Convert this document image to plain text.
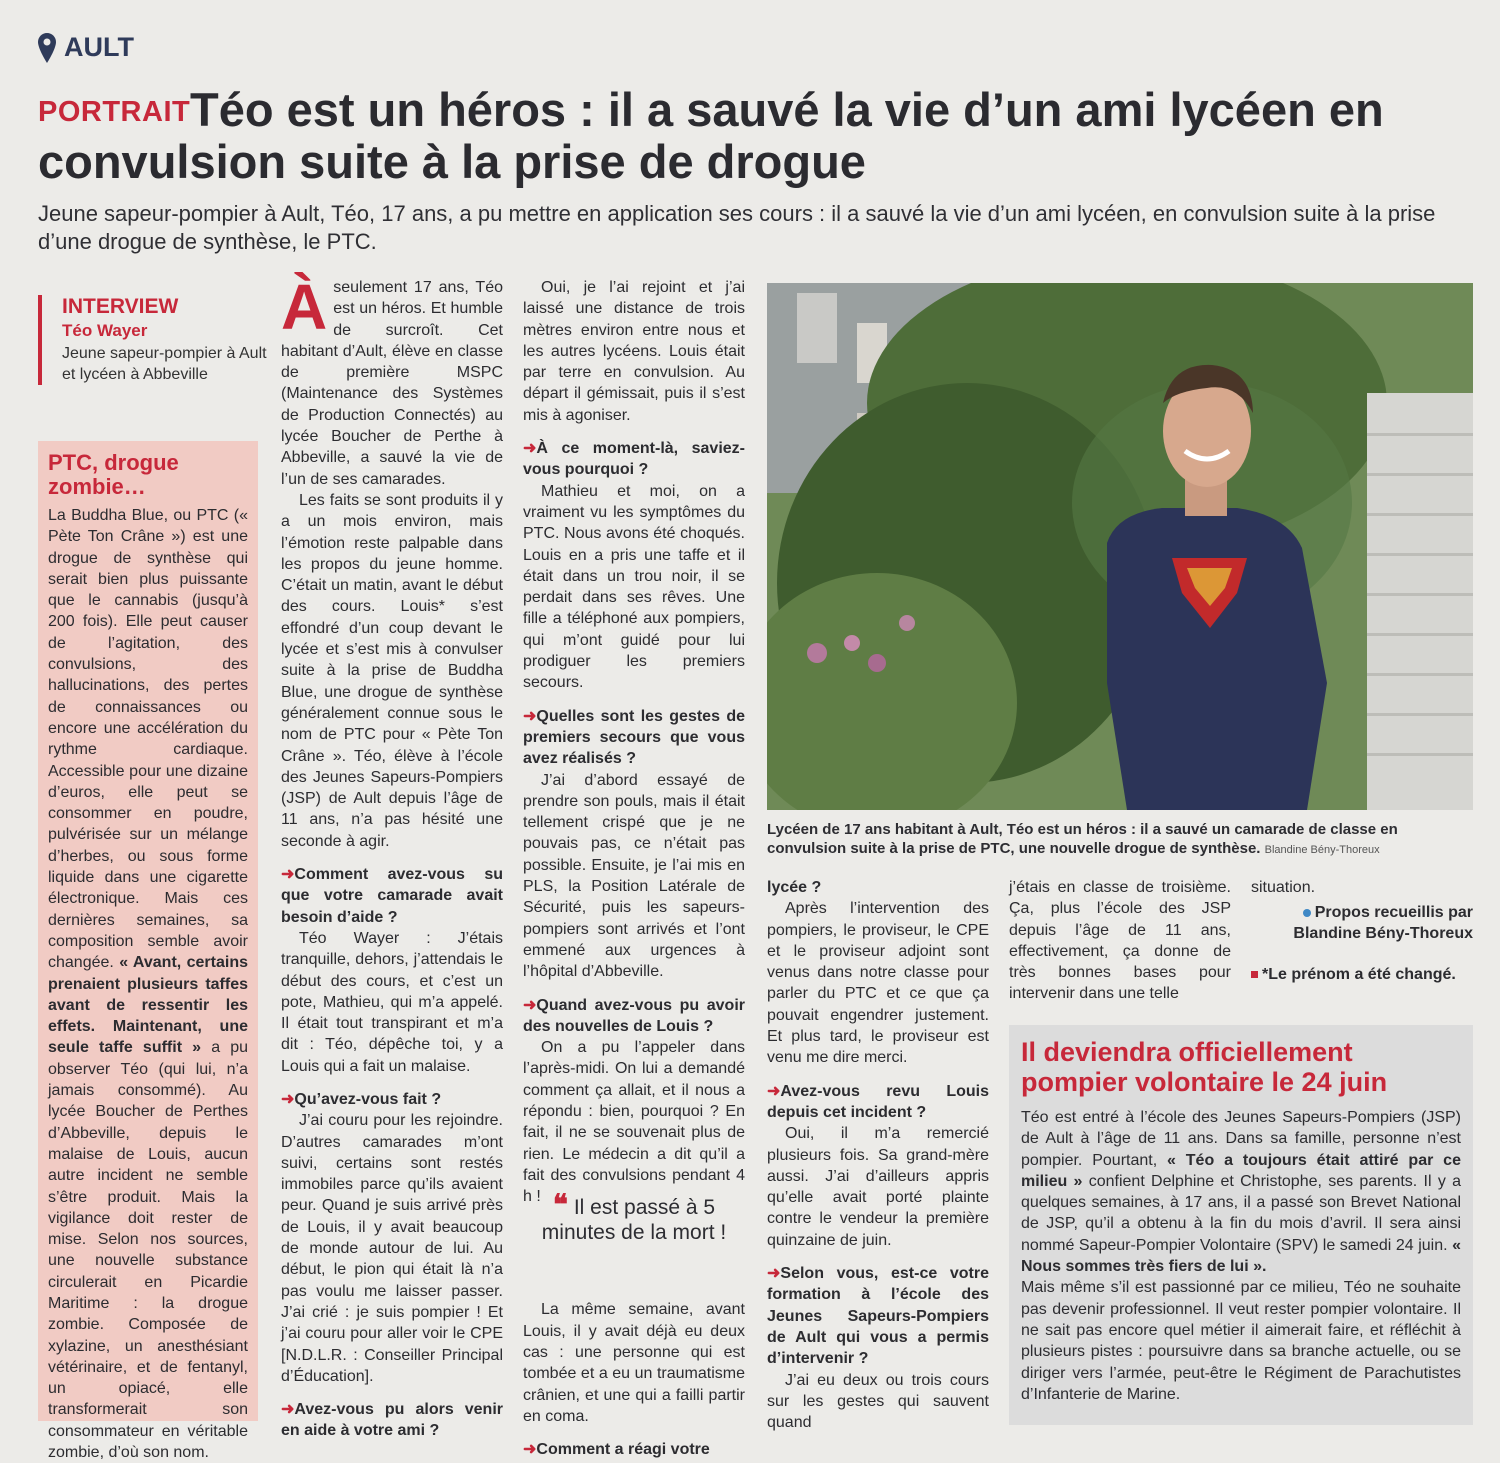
AULT
Téo est un héros : il a sauvé la vie d’un ami lycéen en convulsion suite à la prise de drogue
PORTRAIT
Jeune sapeur-pompier à Ault, Téo, 17 ans, a pu mettre en application ses cours : il a sauvé la vie d’un ami lycéen, en convulsion suite à la prise d’une drogue de synthèse, le PTC.
INTERVIEW
Téo Wayer
Jeune sapeur-pompier à Ault et lycéen à Abbeville
PTC, drogue zombie…

La Buddha Blue, ou PTC (« Pète Ton Crâne ») est une drogue de synthèse qui serait bien plus puissante que le cannabis (jusqu’à 200 fois). Elle peut causer de l’agitation, des convulsions, des hallucinations, des pertes de connaissances ou encore une accélération du rythme cardiaque. Accessible pour une dizaine d’euros, elle peut se consommer en poudre, pulvérisée sur un mélange d’herbes, ou sous forme liquide dans une cigarette électronique. Mais ces dernières semaines, sa composition semble avoir changée. « Avant, certains prenaient plusieurs taffes avant de ressentir les effets. Maintenant, une seule taffe suffit » a pu observer Téo (qui lui, n’a jamais consommé). Au lycée Boucher de Perthes d’Abbeville, depuis le malaise de Louis, aucun autre incident ne semble s’être produit. Mais la vigilance doit rester de mise. Selon nos sources, une nouvelle substance circulerait en Picardie Maritime : la drogue zombie. Composée de xylazine, un anesthésiant vétérinaire, et de fentanyl, un opiacé, elle transformerait son consommateur en véritable zombie, d’où son nom.

Àseulement 17 ans, Téo est un héros. Et humble de surcroît. Cet habitant d’Ault, élève en classe de première MSPC (Maintenance des Systèmes de Production Connectés) au lycée Boucher de Perthe à Abbeville, a sauvé la vie de l’un de ses camarades.

Les faits se sont produits il y a un mois environ, mais l’émotion reste palpable dans les propos du jeune homme. C’était un matin, avant le début des cours. Louis* s’est effondré d’un coup devant le lycée et s’est mis à convulser suite à la prise de Buddha Blue, une drogue de synthèse généralement connue sous le nom de PTC pour « Pète Ton Crâne ». Téo, élève à l’école des Jeunes Sapeurs-Pompiers (JSP) de Ault depuis l’âge de 11 ans, n’a pas hésité une seconde à agir.

➜Comment avez-vous su que votre camarade avait besoin d’aide ?

Téo Wayer : J’étais tranquille, dehors, j’attendais le début des cours, et c’est un pote, Mathieu, qui m’a appelé. Il était tout transpirant et m’a dit : Téo, dépêche toi, y a Louis qui a fait un malaise.

➜Qu’avez-vous fait ?

J’ai couru pour les rejoindre. D’autres camarades m’ont suivi, certains sont restés immobiles parce qu’ils avaient peur. Quand je suis arrivé près de Louis, il y avait beaucoup de monde autour de lui. Au début, le pion qui était là n’a pas voulu me laisser passer. J’ai crié : je suis pompier ! Et j’ai couru pour aller voir le CPE [N.D.L.R. : Conseiller Principal d’Éducation].

➜Avez-vous pu alors venir en aide à votre ami ?

Oui, je l’ai rejoint et j’ai laissé une distance de trois mètres environ entre nous et les autres lycéens. Louis était par terre en convulsion. Au départ il gémissait, puis il s’est mis à agoniser.

➜À ce moment-là, saviez-vous pourquoi ?

Mathieu et moi, on a vraiment vu les symptômes du PTC. Nous avons été choqués. Louis en a pris une taffe et il était dans un trou noir, il se perdait dans ses rêves. Une fille a téléphoné aux pompiers, qui m’ont guidé pour lui prodiguer les premiers secours.

➜Quelles sont les gestes de premiers secours que vous avez réalisés ?

J’ai d’abord essayé de prendre son pouls, mais il était tellement crispé que je ne pouvais pas, ce n’était pas possible. Ensuite, je l’ai mis en PLS, la Position Latérale de Sécurité, puis les sapeurs-pompiers sont arrivés et l’ont emmené aux urgences à l’hôpital d’Abbeville.

➜Quand avez-vous pu avoir des nouvelles de Louis ?

On a pu l’appeler dans l’après-midi. On lui a demandé comment ça allait, et il nous a répondu : bien, pourquoi ? En fait, il ne se souvenait plus de rien. Le médecin a dit qu’il a fait des convulsions pendant 4 h !

La même semaine, avant Louis, il y avait déjà eu deux cas : une personne qui est tombée et a eu un traumatisme crânien, et une qui a failli partir en coma.

➜Comment a réagi votre

❝ Il est passé à 5 minutes de la mort !
Lycéen de 17 ans habitant à Ault, Téo est un héros : il a sauvé un camarade de classe en convulsion suite à la prise de PTC, une nouvelle drogue de synthèse. Blandine Bény-Thoreux

lycée ?

Après l’intervention des pompiers, le proviseur, le CPE et le proviseur adjoint sont venus dans notre classe pour parler du PTC et ce que ça pouvait engendrer justement. Et plus tard, le proviseur est venu me dire merci.

➜Avez-vous revu Louis depuis cet incident ?

Oui, il m’a remercié plusieurs fois. Sa grand-mère aussi. J’ai d’ailleurs appris qu’elle avait porté plainte contre le vendeur la première quinzaine de juin.

➜Selon vous, est-ce votre formation à l’école des Jeunes Sapeurs-Pompiers de Ault qui vous a permis d’intervenir ?

J’ai eu deux ou trois cours sur les gestes qui sauvent quand

j’étais en classe de troisième. Ça, plus l’école des JSP depuis l’âge de 11 ans, effectivement, ça donne de très bonnes bases pour intervenir dans une telle

situation.

Propos recueillis par
Blandine Bény-Thoreux
*Le prénom a été changé.
Il deviendra officiellement pompier volontaire le 24 juin

Téo est entré à l’école des Jeunes Sapeurs-Pompiers (JSP) de Ault à l’âge de 11 ans. Dans sa famille, personne n’est pompier. Pourtant, « Téo a toujours était attiré par ce milieu » confient Delphine et Christophe, ses parents. Il y a quelques semaines, à 17 ans, il a passé son Brevet National de JSP, qu’il a obtenu à la fin du mois d’avril. Il sera ainsi nommé Sapeur-Pompier Volontaire (SPV) le samedi 24 juin. « Nous sommes très fiers de lui ».

Mais même s’il est passionné par ce milieu, Téo ne souhaite pas devenir professionnel. Il veut rester pompier volontaire. Il ne sait pas encore quel métier il aimerait faire, et réfléchit à plusieurs pistes : poursuivre dans sa branche actuelle, ou se diriger vers l’armée, peut-être le Régiment de Parachutistes d’Infanterie de Marine.
